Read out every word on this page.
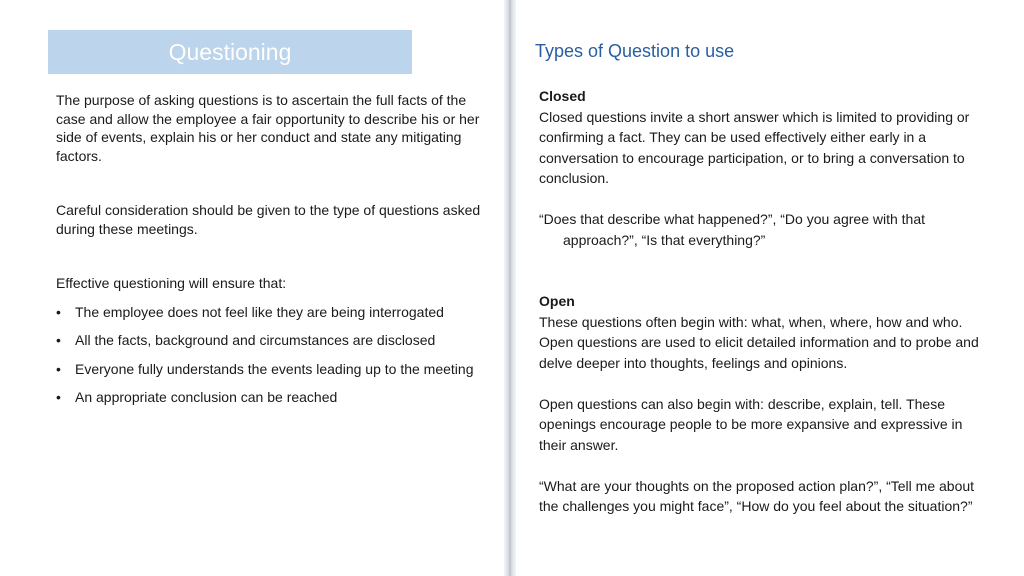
Questioning

The purpose of asking questions is to ascertain the full facts of the case and allow the employee a fair opportunity to describe his or her side of events, explain his or her conduct and state any mitigating factors.

Careful consideration should be given to the type of questions asked during these meetings.

Effective questioning will ensure that:

• The employee does not feel like they are being interrogated
• All the facts, background and circumstances are disclosed
• Everyone fully understands the events leading up to the meeting
• An appropriate conclusion can be reached
Types of Question to use

Closed

Closed questions invite a short answer which is limited to providing or confirming a fact. They can be used effectively either early in a conversation to encourage participation, or to bring a conversation to conclusion.

“Does that describe what happened?”, “Do you agree with that approach?”, “Is that everything?”

Open

These questions often begin with: what, when, where, how and who. Open questions are used to elicit detailed information and to probe and delve deeper into thoughts, feelings and opinions.

Open questions can also begin with: describe, explain, tell. These openings encourage people to be more expansive and expressive in their answer.

“What are your thoughts on the proposed action plan?”, “Tell me about the challenges you might face”, “How do you feel about the situation?”
